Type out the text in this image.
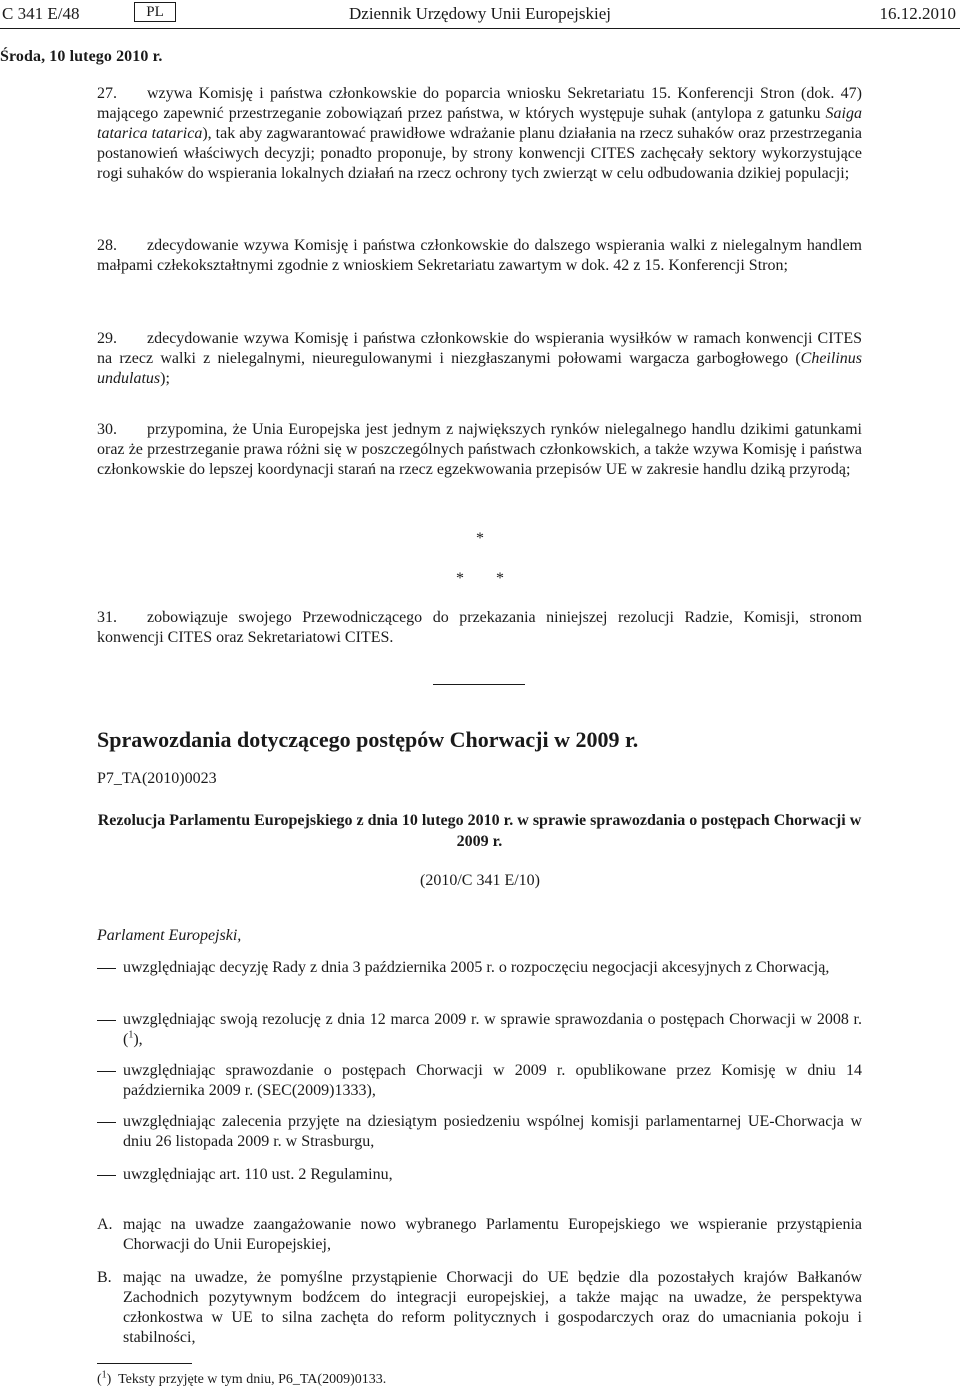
C 341 E/48	PL	Dziennik Urzędowy Unii Europejskiej	16.12.2010
Środa, 10 lutego 2010 r.

27. wzywa Komisję i państwa członkowskie do poparcia wniosku Sekretariatu 15. Konferencji Stron (dok. 47) mającego zapewnić przestrzeganie zobowiązań przez państwa, w których występuje suhak (antylopa z gatunku Saiga tatarica tatarica), tak aby zagwarantować prawidłowe wdrażanie planu działania na rzecz suhaków oraz przestrzegania postanowień właściwych decyzji; ponadto proponuje, by strony konwencji CITES zachęcały sektory wykorzystujące rogi suhaków do wspierania lokalnych działań na rzecz ochrony tych zwierząt w celu odbudowania dzikiej populacji;

28. zdecydowanie wzywa Komisję i państwa członkowskie do dalszego wspierania walki z nielegalnym handlem małpami człekokształtnymi zgodnie z wnioskiem Sekretariatu zawartym w dok. 42 z 15. Konferencji Stron;

29. zdecydowanie wzywa Komisję i państwa członkowskie do wspierania wysiłków w ramach konwencji CITES na rzecz walki z nielegalnymi, nieuregulowanymi i niezgłaszanymi połowami wargacza garbogłowego (Cheilinus undulatus);

30. przypomina, że Unia Europejska jest jednym z największych rynków nielegalnego handlu dzikimi gatunkami oraz że przestrzeganie prawa różni się w poszczególnych państwach członkowskich, a także wzywa Komisję i państwa członkowskie do lepszej koordynacji starań na rzecz egzekwowania przepisów UE w zakresie handlu dziką przyrodą;

*
*        *

31. zobowiązuje swojego Przewodniczącego do przekazania niniejszej rezolucji Radzie, Komisji, stronom konwencji CITES oraz Sekretariatowi CITES.

Sprawozdania dotyczącego postępów Chorwacji w 2009 r.
P7_TA(2010)0023
Rezolucja Parlamentu Europejskiego z dnia 10 lutego 2010 r. w sprawie sprawozdania o postępach Chorwacji w 2009 r.
(2010/C 341 E/10)
Parlament Europejski,
uwzględniając decyzję Rady z dnia 3 października 2005 r. o rozpoczęciu negocjacji akcesyjnych z Chorwacją,
uwzględniając swoją rezolucję z dnia 12 marca 2009 r. w sprawie sprawozdania o postępach Chorwacji w 2008 r. ($^1$),
uwzględniając sprawozdanie o postępach Chorwacji w 2009 r. opublikowane przez Komisję w dniu 14 października 2009 r. (SEC(2009)1333),
uwzględniając zalecenia przyjęte na dziesiątym posiedzeniu wspólnej komisji parlamentarnej UE-Chorwacja w dniu 26 listopada 2009 r. w Strasburgu,
uwzględniając art. 110 ust. 2 Regulaminu,
A. mając na uwadze zaangażowanie nowo wybranego Parlamentu Europejskiego we wspieranie przystąpienia Chorwacji do Unii Europejskiej,
B. mając na uwadze, że pomyślne przystąpienie Chorwacji do UE będzie dla pozostałych krajów Bałkanów Zachodnich pozytywnym bodźcem do integracji europejskiej, a także mając na uwadze, że perspektywa członkostwa w UE to silna zachęta do reform politycznych i gospodarczych oraz do umacniania pokoju i stabilności,
($^1$)  Teksty przyjęte w tym dniu, P6_TA(2009)0133.
